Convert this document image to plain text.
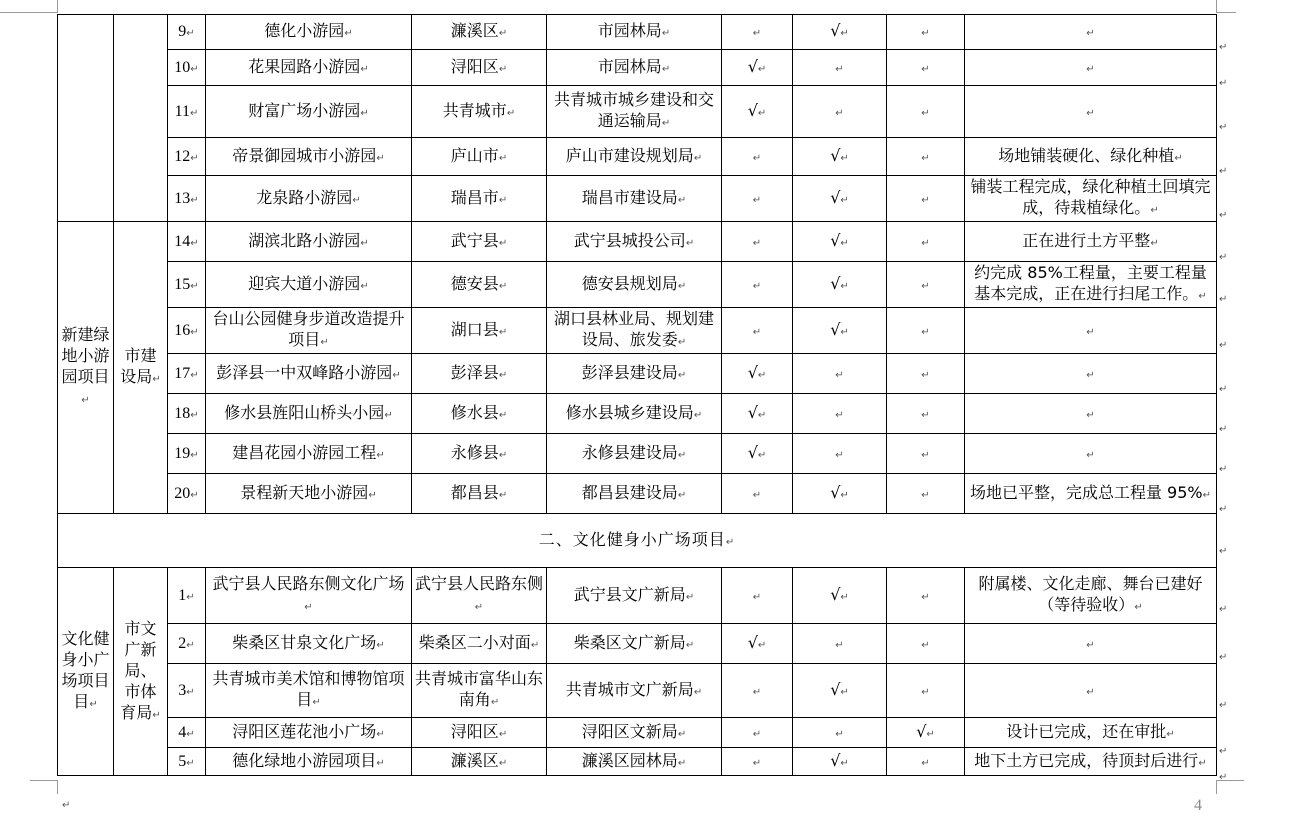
		9↵	德化小游园↵	濂溪区↵	市园林局↵	↵	√↵	↵	↵
		10↵	花果园路小游园↵	浔阳区↵	市园林局↵	√↵	↵	↵	↵
		11↵	财富广场小游园↵	共青城市↵	共青城市城乡建设和交通运输局↵	√↵	↵	↵	↵
		12↵	帝景御园城市小游园↵	庐山市↵	庐山市建设规划局↵	↵	√↵	↵	场地铺装硬化、绿化种植↵
		13↵	龙泉路小游园↵	瑞昌市↵	瑞昌市建设局↵	↵	√↵	↵	铺装工程完成，绿化种植土回填完成，待栽植绿化。↵
新建绿地小游园项目↵	市建设局↵	14↵	湖滨北路小游园↵	武宁县↵	武宁县城投公司↵	↵	√↵	↵	正在进行土方平整↵
		15↵	迎宾大道小游园↵	德安县↵	德安县规划局↵	↵	√↵	↵	约完成 85%工程量，主要工程量基本完成，正在进行扫尾工作。↵
		16↵	台山公园健身步道改造提升项目↵	湖口县↵	湖口县林业局、规划建设局、旅发委↵	↵	√↵	↵	↵
		17↵	彭泽县一中双峰路小游园↵	彭泽县↵	彭泽县建设局↵	√↵	↵	↵	↵
		18↵	修水县旌阳山桥头小园↵	修水县↵	修水县城乡建设局↵	√↵	↵	↵	↵
		19↵	建昌花园小游园工程↵	永修县↵	永修县建设局↵	√↵	↵	↵	↵
		20↵	景程新天地小游园↵	都昌县↵	都昌县建设局↵	↵	√↵	↵	场地已平整，完成总工程量 95%↵
二、文化健身小广场项目↵									
文化健身小广场项目目↵	市文广新局、市体育局↵	1↵	武宁县人民路东侧文化广场↵	武宁县人民路东侧↵	武宁县文广新局↵	↵	√↵	↵	附属楼、文化走廊、舞台已建好（等待验收）↵
		2↵	柴桑区甘泉文化广场↵	柴桑区二小对面↵	柴桑区文广新局↵	√↵	↵	↵	↵
		3↵	共青城市美术馆和博物馆项目↵	共青城市富华山东南角↵	共青城市文广新局↵	↵	√↵	↵	↵
		4↵	浔阳区莲花池小广场↵	浔阳区↵	浔阳区文新局↵	↵	↵	√↵	设计已完成，还在审批↵
		5↵	德化绿地小游园项目↵	濂溪区↵	濂溪区园林局↵	↵	√↵	↵	地下土方已完成，待顶封后进行↵
↵	4
↵
↵
↵
↵
↵
↵
↵
↵
↵
↵
↵
↵
↵
↵
↵
↵
↵
↵
